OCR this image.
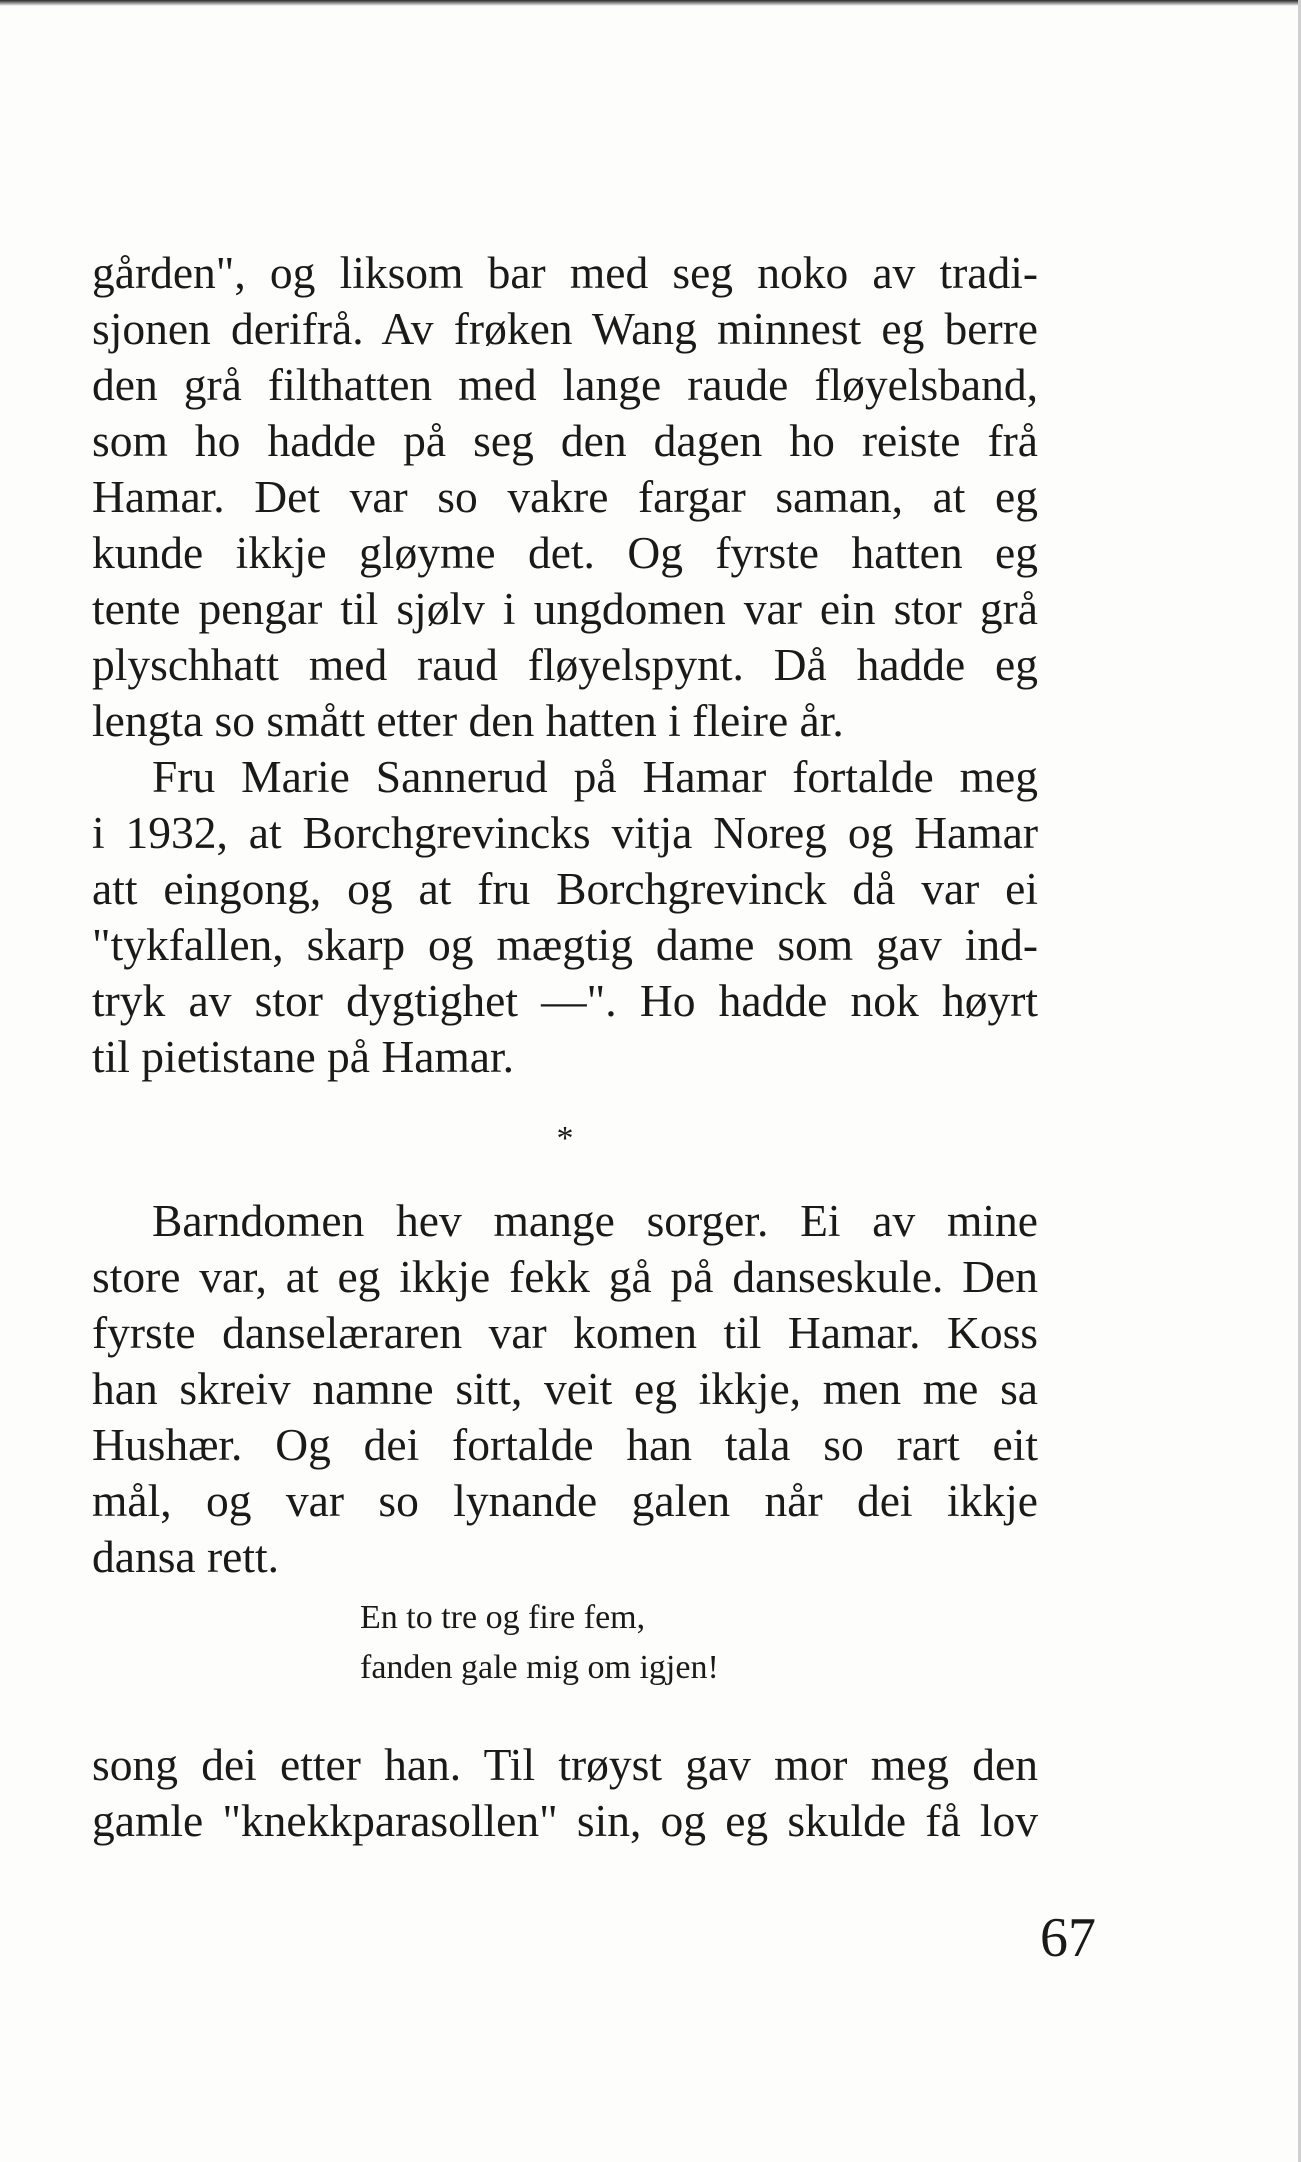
gården", og liksom bar med seg noko av tradi-
sjonen derifrå. Av frøken Wang minnest eg berre
den grå filthatten med lange raude fløyelsband,
som ho hadde på seg den dagen ho reiste frå
Hamar. Det var so vakre fargar saman, at eg
kunde ikkje gløyme det. Og fyrste hatten eg
tente pengar til sjølv i ungdomen var ein stor grå
plyschhatt med raud fløyelspynt. Då hadde eg
lengta so smått etter den hatten i fleire år.
Fru Marie Sannerud på Hamar fortalde meg
i 1932, at Borchgrevincks vitja Noreg og Hamar
att eingong, og at fru Borchgrevinck då var ei
"tykfallen, skarp og mægtig dame som gav ind-
tryk av stor dygtighet —". Ho hadde nok høyrt
til pietistane på Hamar.
*
Barndomen hev mange sorger. Ei av mine
store var, at eg ikkje fekk gå på danseskule. Den
fyrste danselæraren var komen til Hamar. Koss
han skreiv namne sitt, veit eg ikkje, men me sa
Hushær. Og dei fortalde han tala so rart eit
mål, og var so lynande galen når dei ikkje
dansa rett.
En to tre og fire fem,
fanden gale mig om igjen!
song dei etter han. Til trøyst gav mor meg den
gamle "knekkparasollen" sin, og eg skulde få lov
67
